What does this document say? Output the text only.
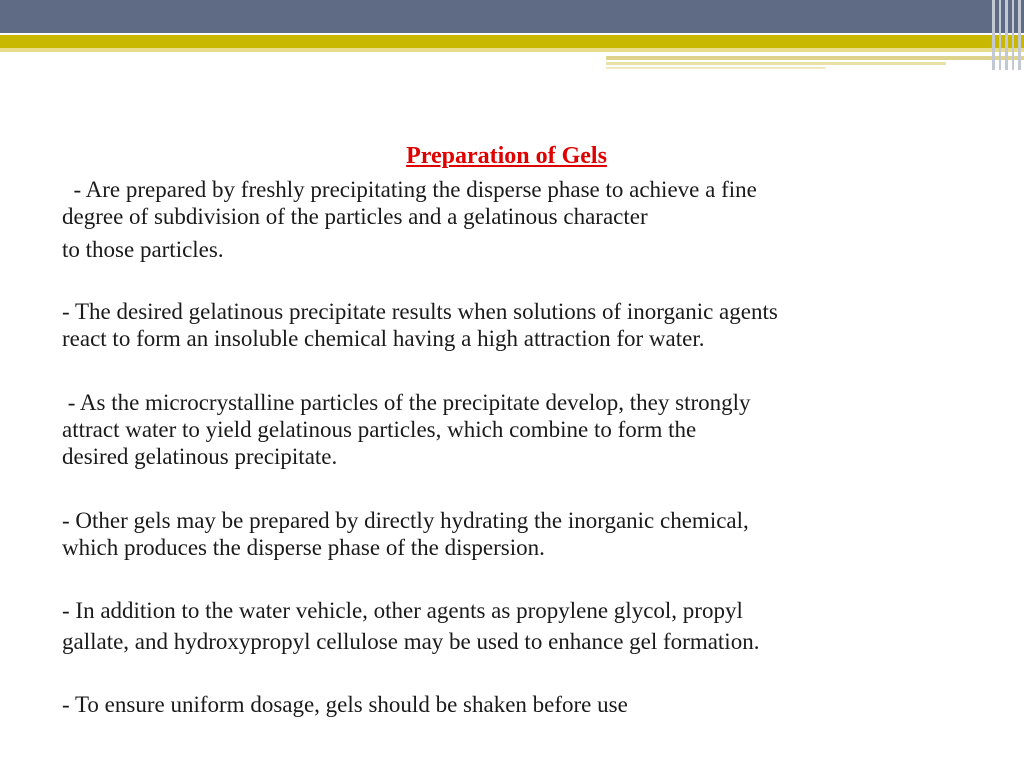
Preparation of Gels

- Are prepared by freshly precipitating the disperse phase to achieve a fine
degree of subdivision of the particles and a gelatinous character
to those particles.

- The desired gelatinous precipitate results when solutions of inorganic agents
react to form an insoluble chemical having a high attraction for water.

- As the microcrystalline particles of the precipitate develop, they strongly
attract water to yield gelatinous particles, which combine to form the
desired gelatinous precipitate.

- Other gels may be prepared by directly hydrating the inorganic chemical,
which produces the disperse phase of the dispersion.

- In addition to the water vehicle, other agents as propylene glycol, propyl
gallate, and hydroxypropyl cellulose may be used to enhance gel formation.

- To ensure uniform dosage, gels should be shaken before use
